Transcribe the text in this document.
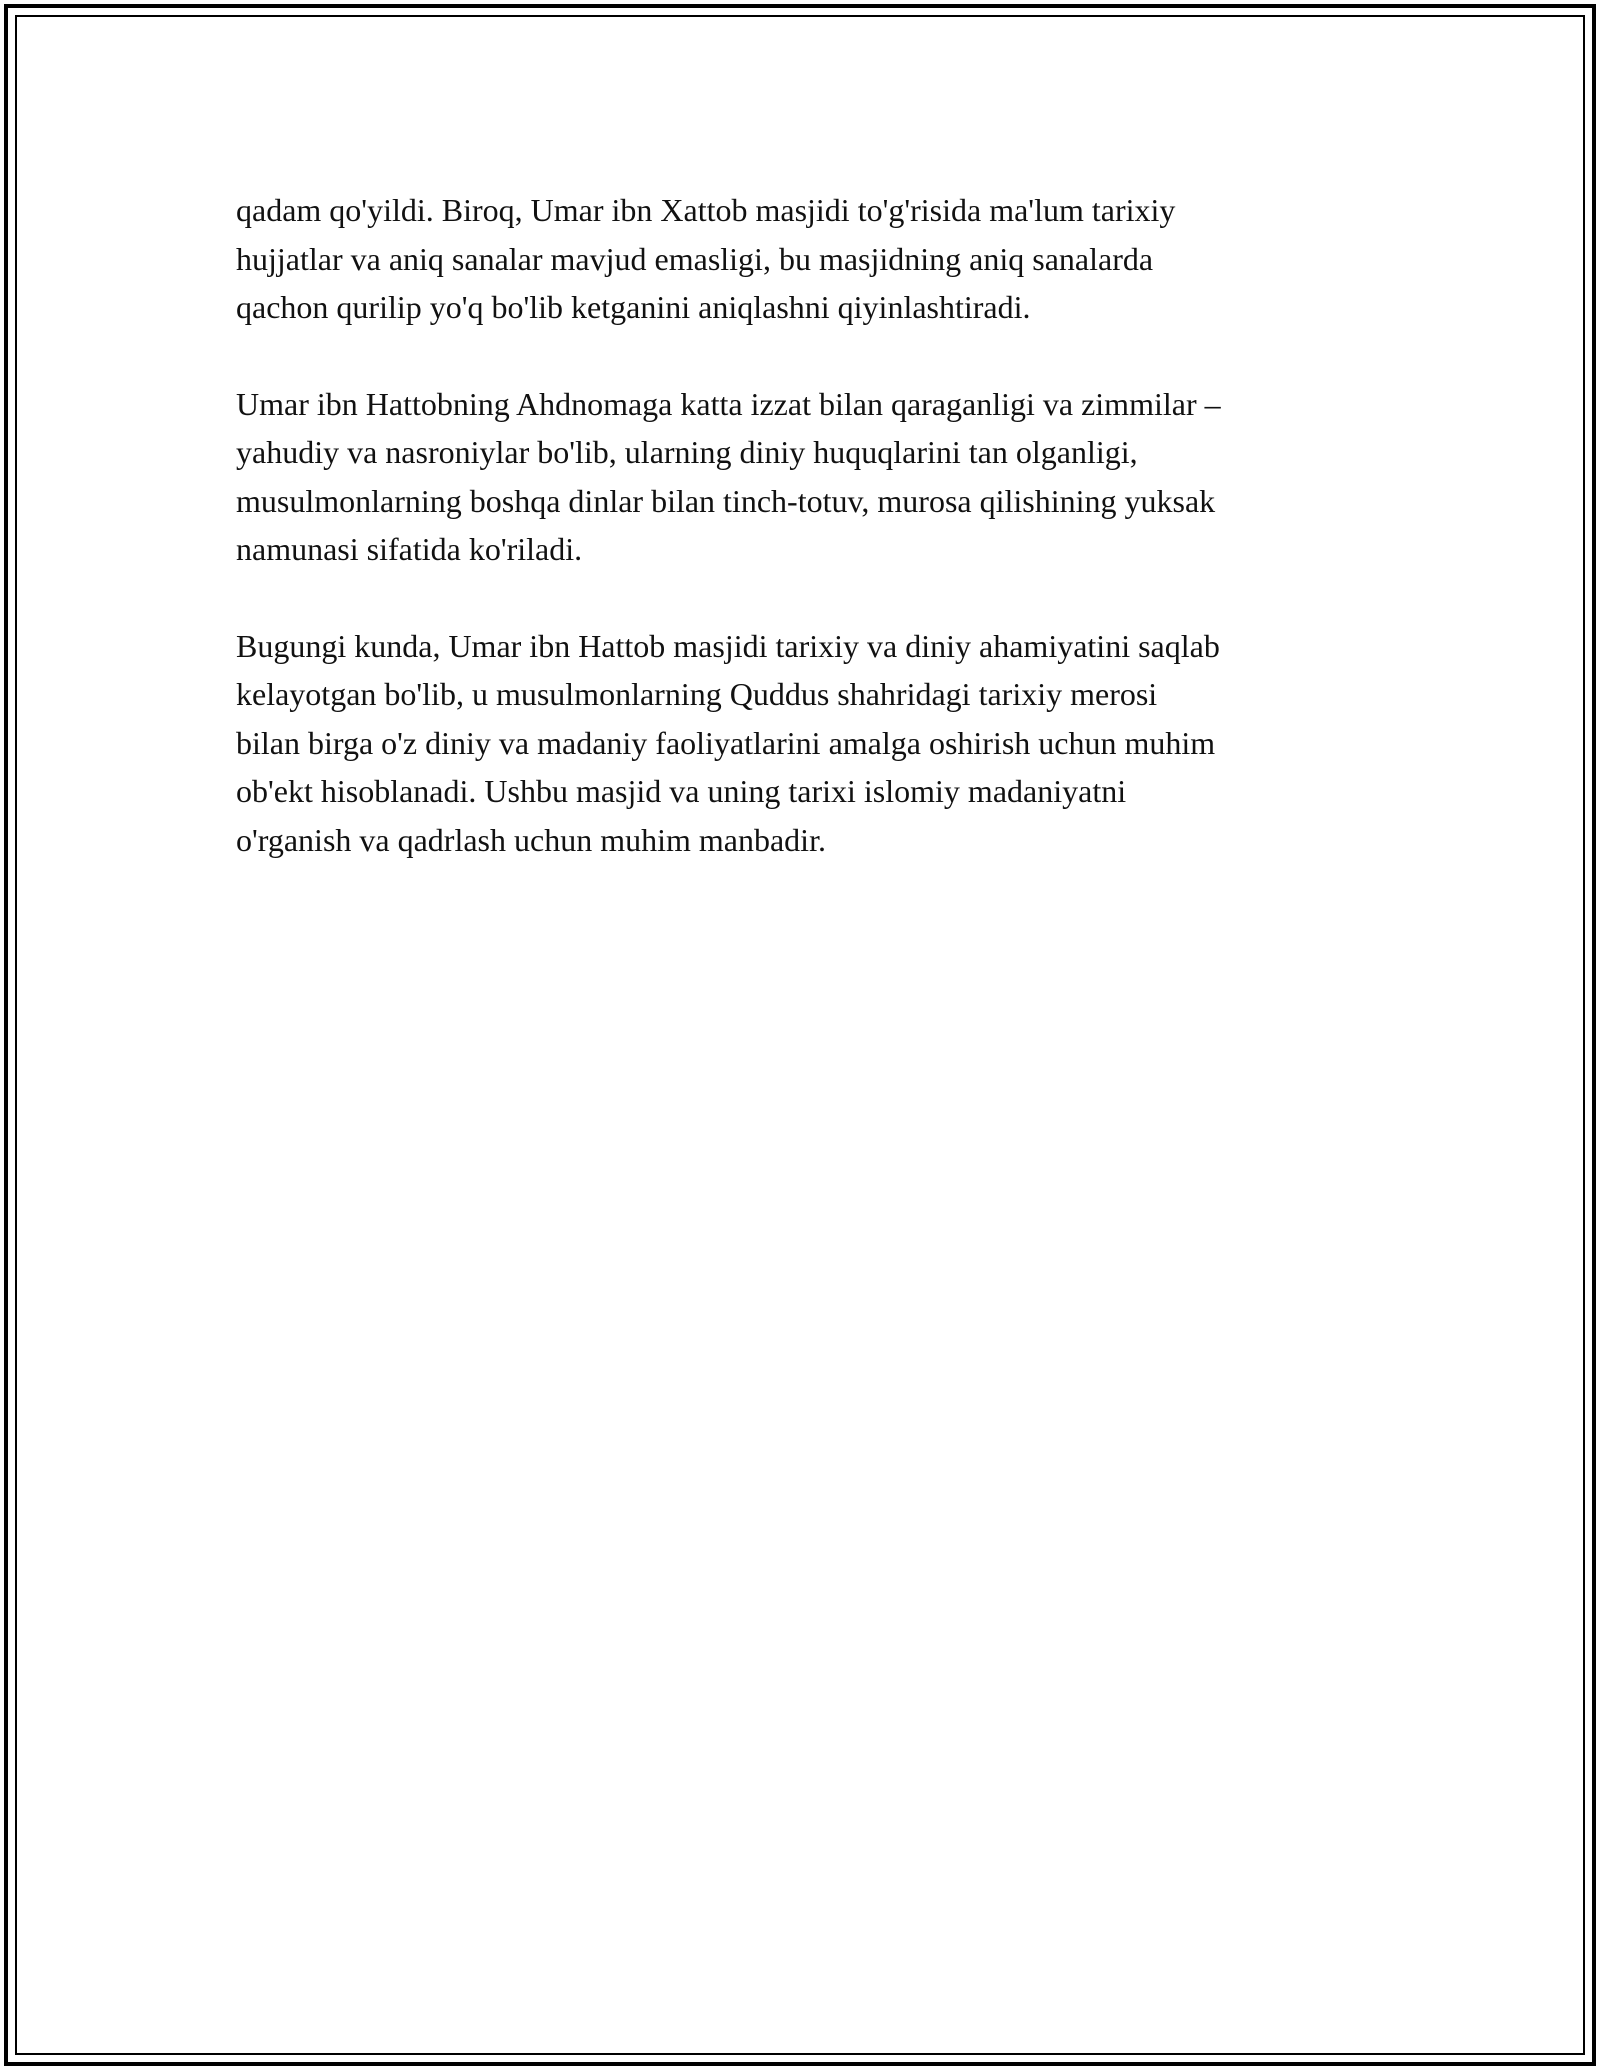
qadam qo'yildi. Biroq, Umar ibn Xattob masjidi to'g'risida ma'lum tarixiy
hujjatlar va aniq sanalar mavjud emasligi, bu masjidning aniq sanalarda
qachon qurilip yo'q bo'lib ketganini aniqlashni qiyinlashtiradi.

Umar ibn Hattobning Ahdnomaga katta izzat bilan qaraganligi va zimmilar –
yahudiy va nasroniylar bo'lib, ularning diniy huquqlarini tan olganligi,
musulmonlarning boshqa dinlar bilan tinch-totuv, murosa qilishining yuksak
namunasi sifatida ko'riladi.

Bugungi kunda, Umar ibn Hattob masjidi tarixiy va diniy ahamiyatini saqlab
kelayotgan bo'lib, u musulmonlarning Quddus shahridagi tarixiy merosi
bilan birga o'z diniy va madaniy faoliyatlarini amalga oshirish uchun muhim
ob'ekt hisoblanadi. Ushbu masjid va uning tarixi islomiy madaniyatni
o'rganish va qadrlash uchun muhim manbadir.
